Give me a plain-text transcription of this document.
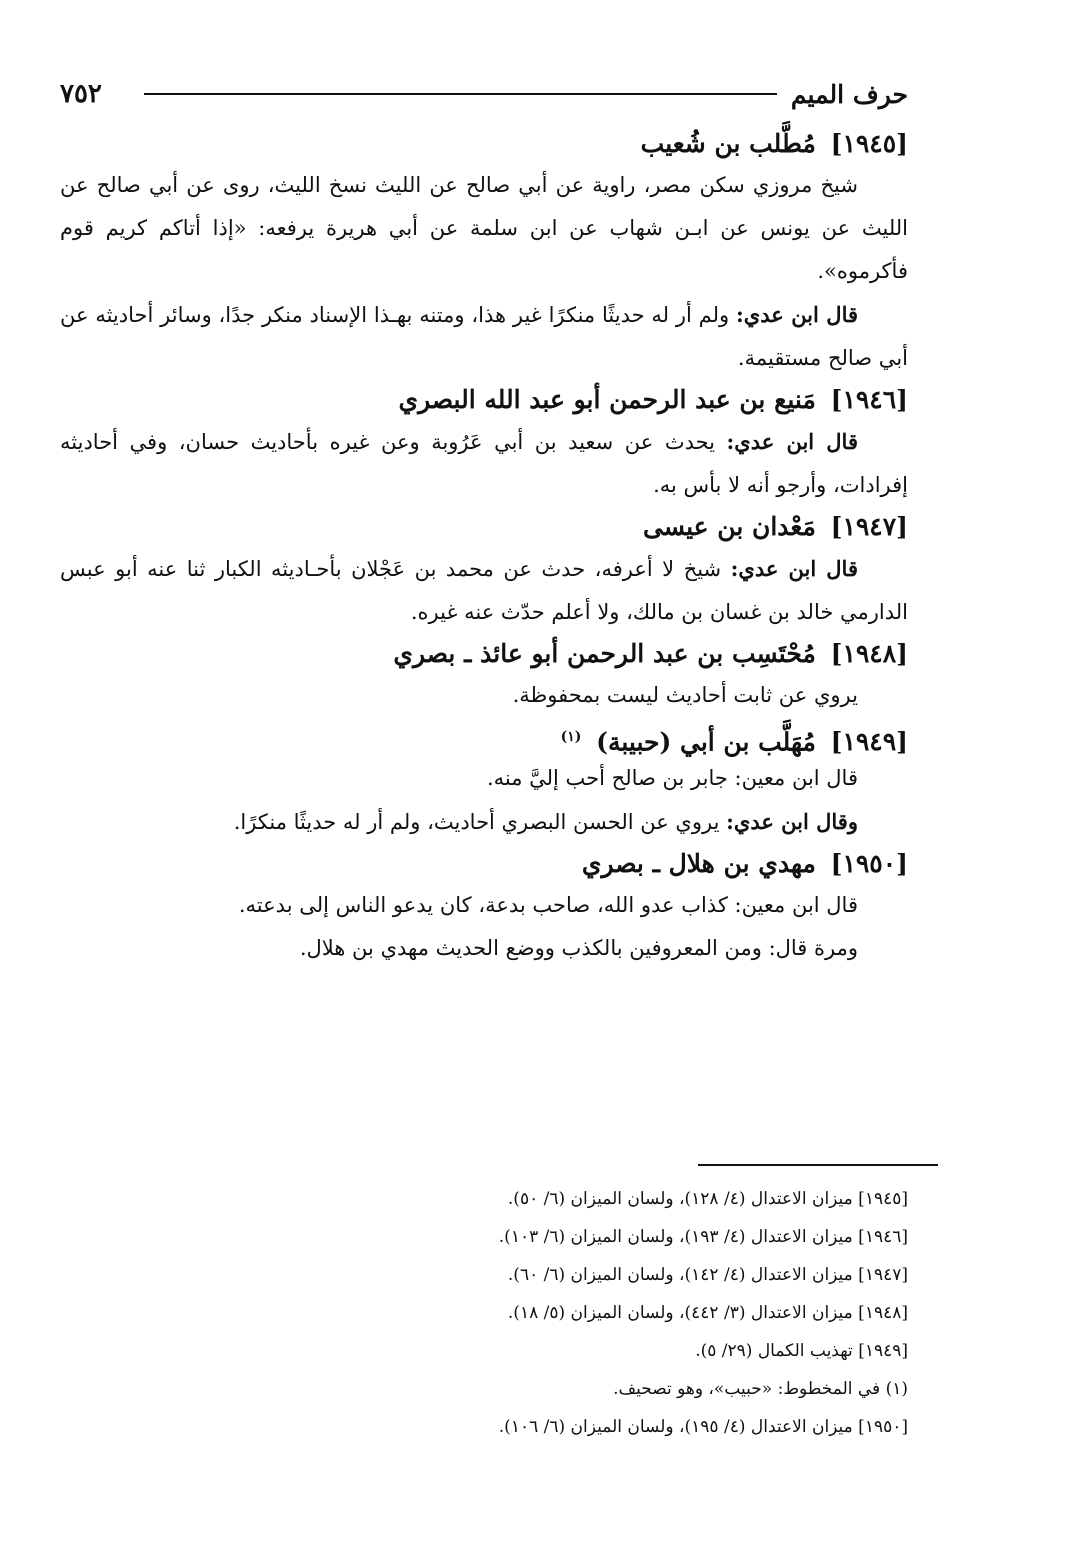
٧٥٢	حرف الميم
[١٩٤٥] مُطَّلب بن شُعيب

شيخ مروزي سكن مصر، راوية عن أبي صالح عن الليث نسخ الليث، روى عن أبي صالح عن الليث عن يونس عن ابـن شهاب عن ابن سلمة عن أبي هريرة يرفعه: «إذا أتاكم كريم قوم فأكرموه».

قال ابن عدي: ولم أر له حديثًا منكرًا غير هذا، ومتنه بهـذا الإسناد منكر جدًا، وسائر أحاديثه عن أبي صالح مستقيمة.

[١٩٤٦] مَنيع بن عبد الرحمن أبو عبد الله البصري

قال ابن عدي: يحدث عن سعيد بن أبي عَرُوبة وعن غيره بأحاديث حسان، وفي أحاديثه إفرادات، وأرجو أنه لا بأس به.

[١٩٤٧] مَعْدان بن عيسى

قال ابن عدي: شيخ لا أعرفه، حدث عن محمد بن عَجْلان بأحـاديثه الكبار ثنا عنه أبو عبس الدارمي خالد بن غسان بن مالك، ولا أعلم حدّث عنه غيره.

[١٩٤٨] مُحْتَسِب بن عبد الرحمن أبو عائذ ـ بصري

يروي عن ثابت أحاديث ليست بمحفوظة.

[١٩٤٩] مُهَلَّب بن أبي (حبيبة) $^{(١)}$

قال ابن معين: جابر بن صالح أحب إليَّ منه.

وقال ابن عدي: يروي عن الحسن البصري أحاديث، ولم أر له حديثًا منكرًا.

[١٩٥٠] مهدي بن هلال ـ بصري

قال ابن معين: كذاب عدو الله، صاحب بدعة، كان يدعو الناس إلى بدعته.

ومرة قال: ومن المعروفين بالكذب ووضع الحديث مهدي بن هلال.

[١٩٤٥] ميزان الاعتدال (٤/ ١٢٨)، ولسان الميزان (٦/ ٥٠).
[١٩٤٦] ميزان الاعتدال (٤/ ١٩٣)، ولسان الميزان (٦/ ١٠٣).
[١٩٤٧] ميزان الاعتدال (٤/ ١٤٢)، ولسان الميزان (٦/ ٦٠).
[١٩٤٨] ميزان الاعتدال (٣/ ٤٤٢)، ولسان الميزان (٥/ ١٨).
[١٩٤٩] تهذيب الكمال (٢٩/ ٥).
(١) في المخطوط: «حبيب»، وهو تصحيف.
[١٩٥٠] ميزان الاعتدال (٤/ ١٩٥)، ولسان الميزان (٦/ ١٠٦).
